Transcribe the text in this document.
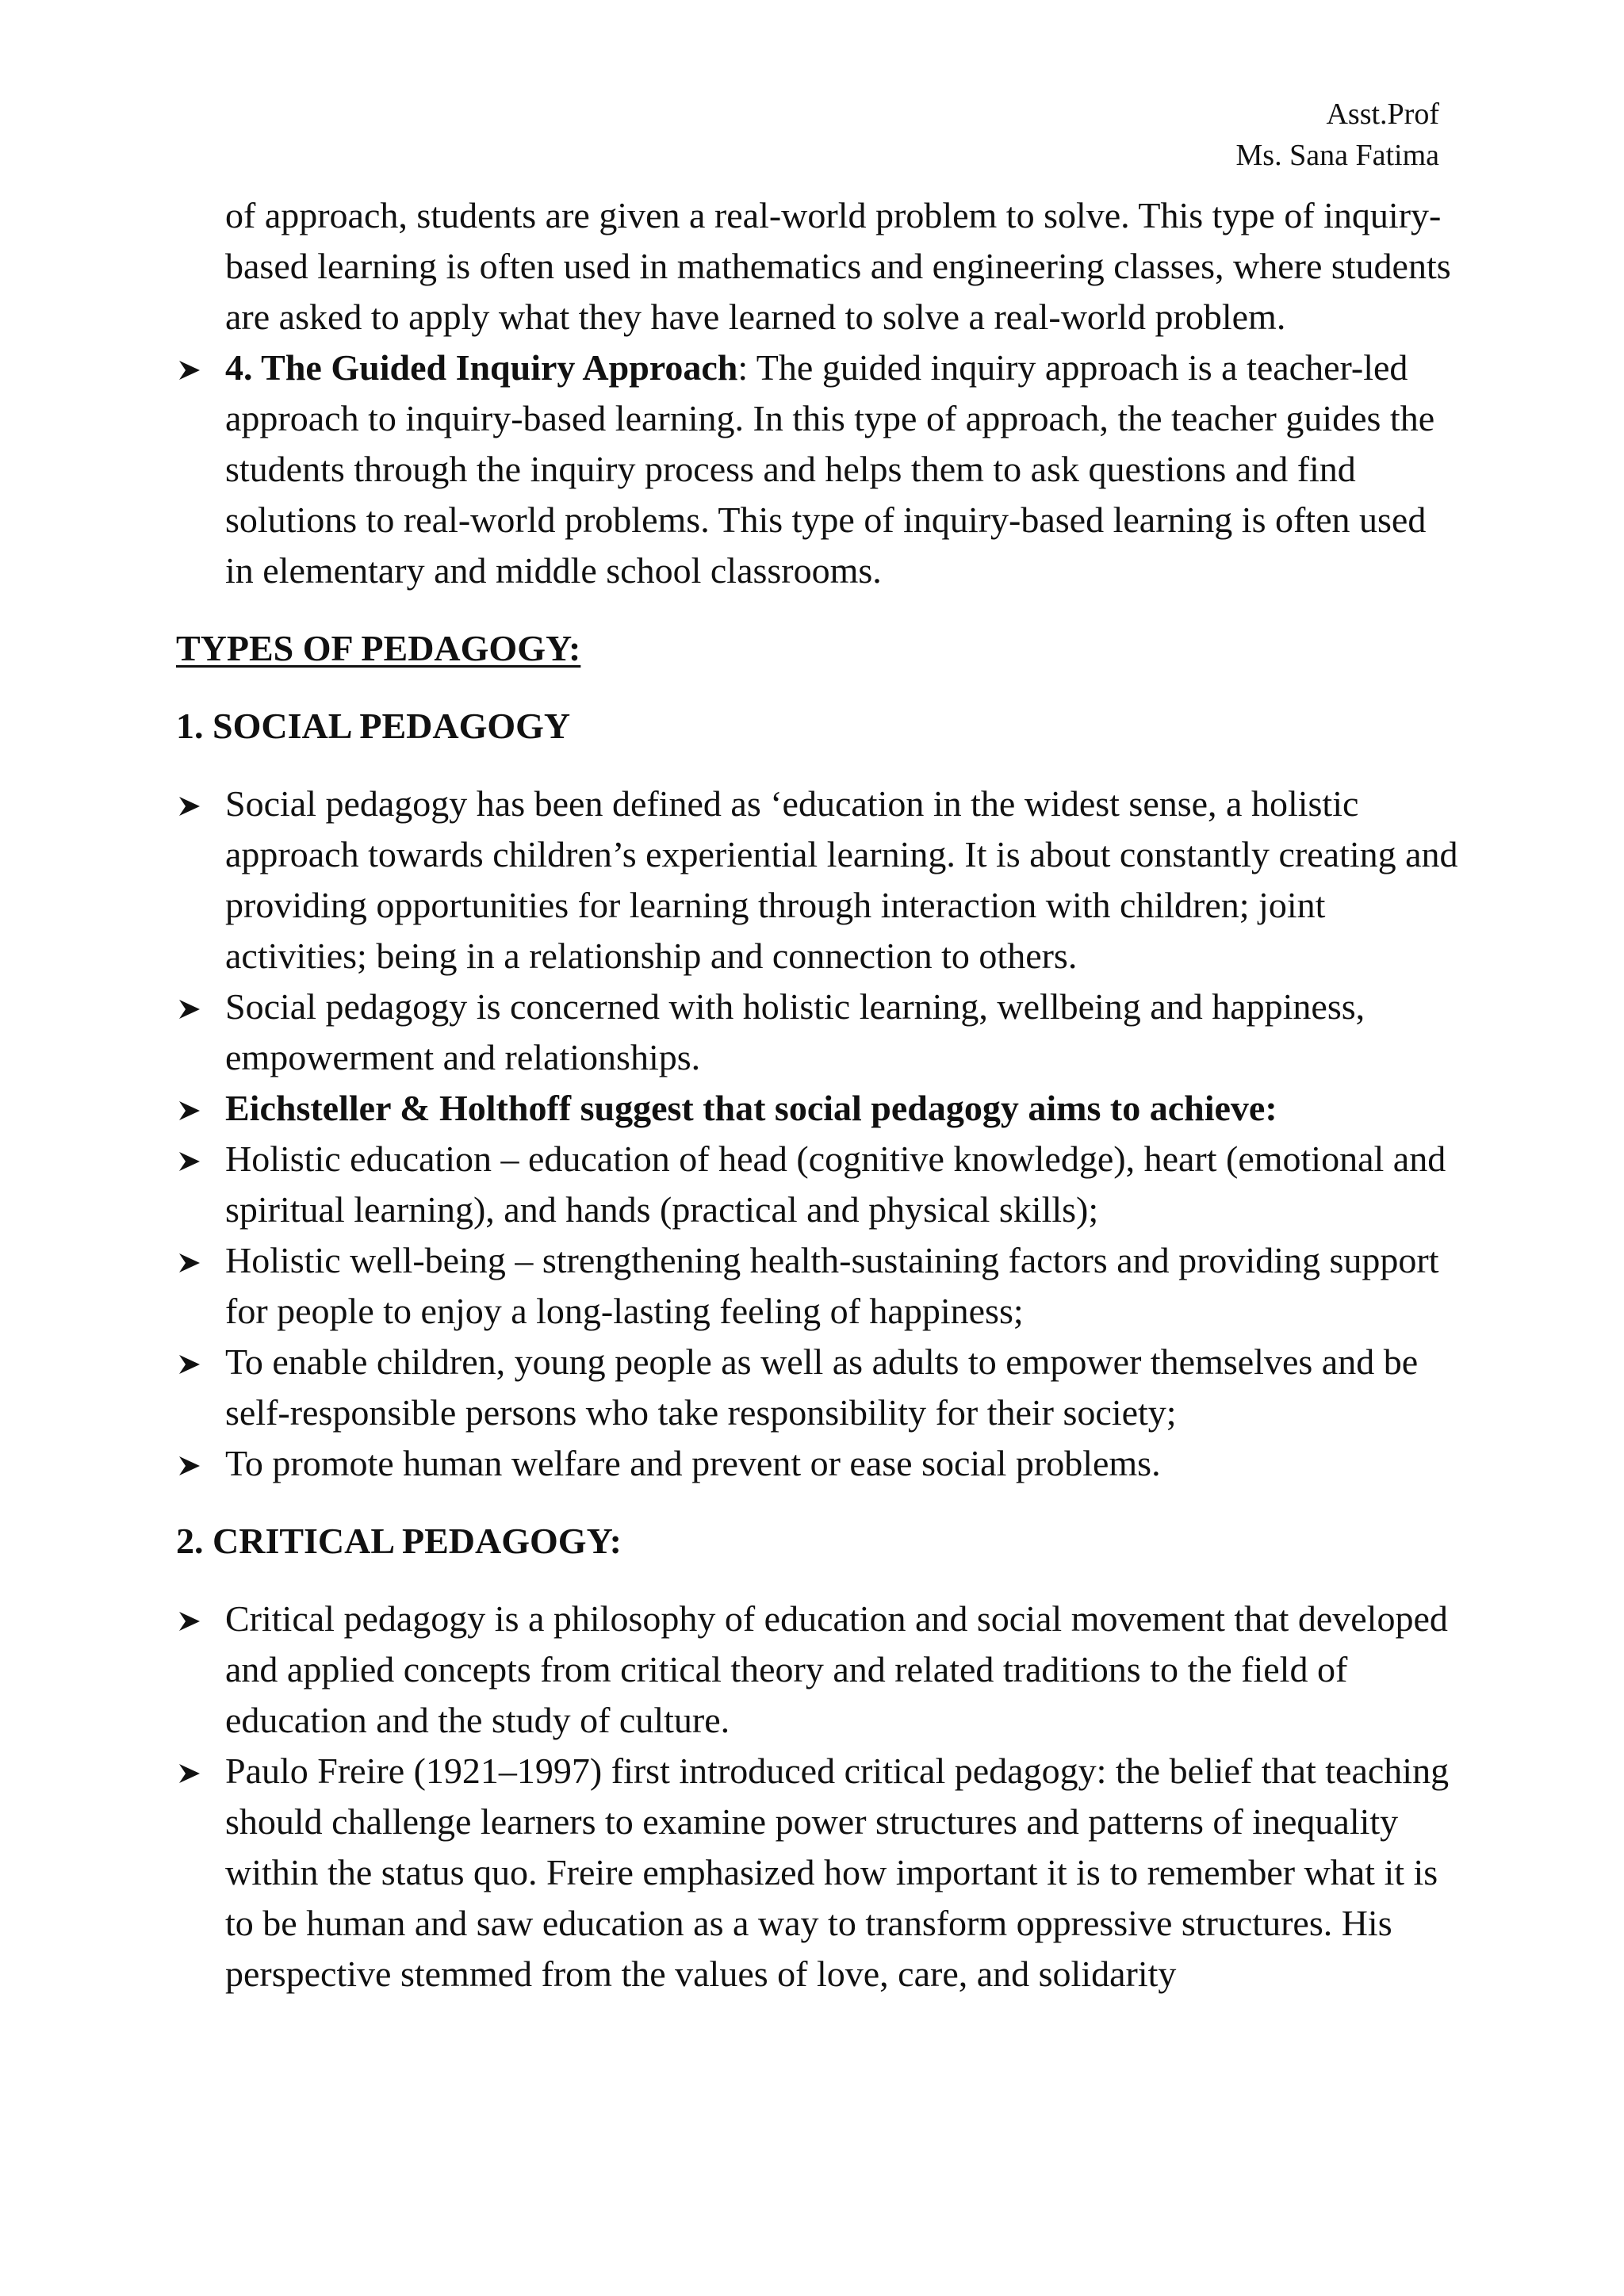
Asst.Prof
Ms. Sana Fatima

of approach, students are given a real-world problem to solve. This type of inquiry-based learning is often used in mathematics and engineering classes, where students are asked to apply what they have learned to solve a real-world problem.

4. The Guided Inquiry Approach: The guided inquiry approach is a teacher-led approach to inquiry-based learning. In this type of approach, the teacher guides the students through the inquiry process and helps them to ask questions and find solutions to real-world problems. This type of inquiry-based learning is often used in elementary and middle school classrooms.

TYPES OF PEDAGOGY:

1. SOCIAL PEDAGOGY

Social pedagogy has been defined as ‘education in the widest sense, a holistic approach towards children’s experiential learning. It is about constantly creating and providing opportunities for learning through interaction with children; joint activities; being in a relationship and connection to others.
Social pedagogy is concerned with holistic learning, wellbeing and happiness, empowerment and relationships.
Eichsteller & Holthoff suggest that social pedagogy aims to achieve:
Holistic education – education of head (cognitive knowledge), heart (emotional and spiritual learning), and hands (practical and physical skills);
Holistic well-being – strengthening health-sustaining factors and providing support for people to enjoy a long-lasting feeling of happiness;
To enable children, young people as well as adults to empower themselves and be self-responsible persons who take responsibility for their society;
To promote human welfare and prevent or ease social problems.

2. CRITICAL PEDAGOGY:

Critical pedagogy is a philosophy of education and social movement that developed and applied concepts from critical theory and related traditions to the field of education and the study of culture.
Paulo Freire (1921–1997) first introduced critical pedagogy: the belief that teaching should challenge learners to examine power structures and patterns of inequality within the status quo. Freire emphasized how important it is to remember what it is to be human and saw education as a way to transform oppressive structures. His perspective stemmed from the values of love, care, and solidarity
